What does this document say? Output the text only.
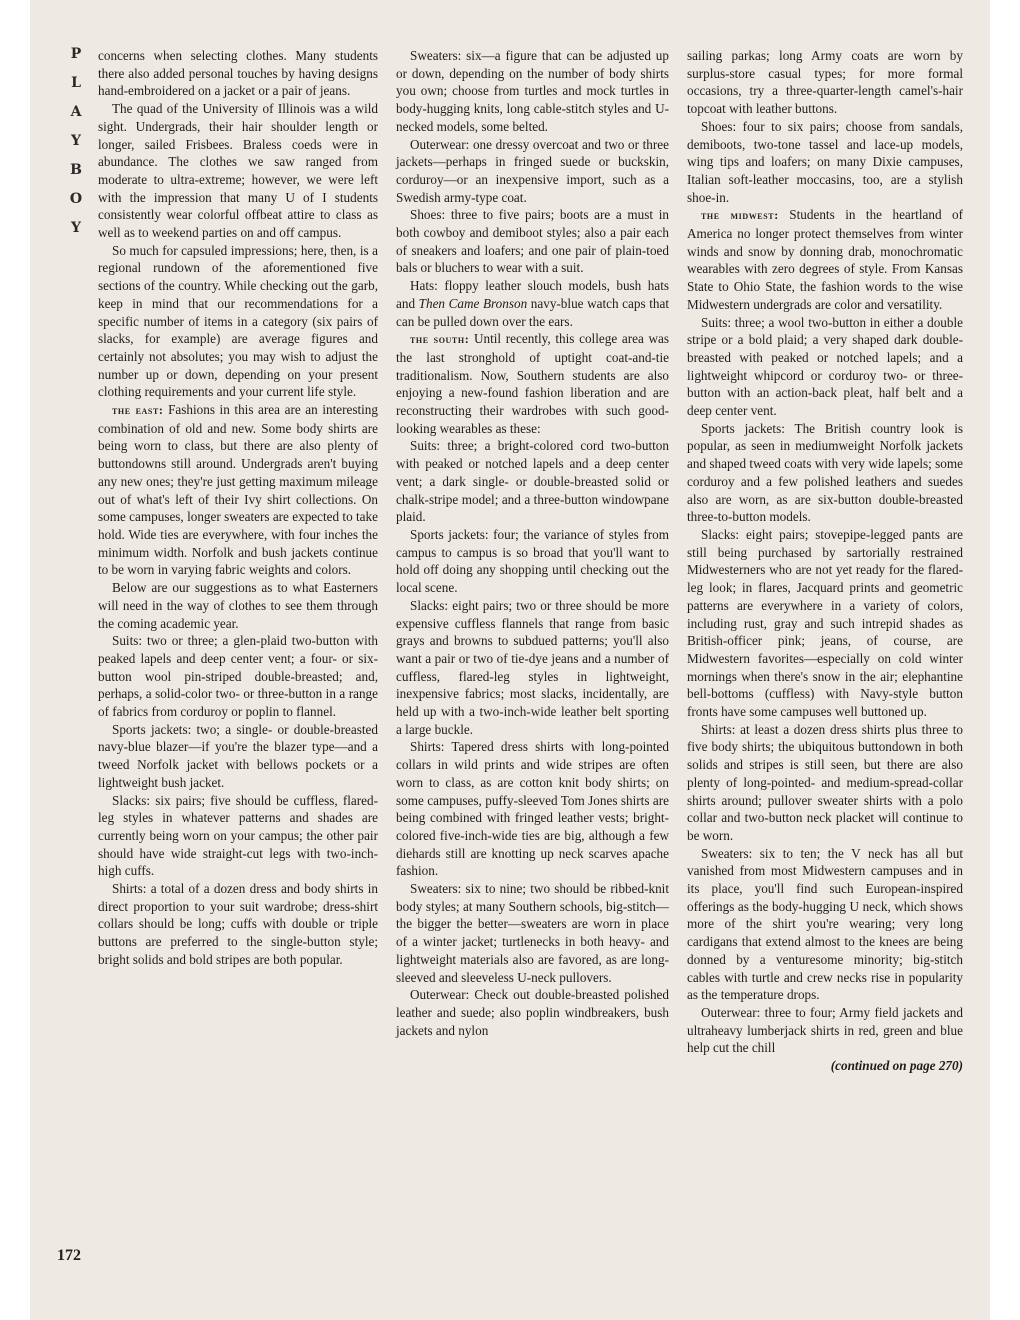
P
L
A
Y
B
O
Y
172

concerns when selecting clothes. Many students there also added personal touches by having designs hand-embroidered on a jacket or a pair of jeans.

The quad of the University of Illinois was a wild sight. Undergrads, their hair shoulder length or longer, sailed Frisbees. Braless coeds were in abundance. The clothes we saw ranged from moderate to ultra-extreme; however, we were left with the impression that many U of I students consistently wear colorful offbeat attire to class as well as to weekend parties on and off campus.

So much for capsuled impressions; here, then, is a regional rundown of the aforementioned five sections of the country. While checking out the garb, keep in mind that our recommendations for a specific number of items in a category (six pairs of slacks, for example) are average figures and certainly not absolutes; you may wish to adjust the number up or down, depending on your present clothing requirements and your current life style.

the east: Fashions in this area are an interesting combination of old and new. Some body shirts are being worn to class, but there are also plenty of buttondowns still around. Undergrads aren't buying any new ones; they're just getting maximum mileage out of what's left of their Ivy shirt collections. On some campuses, longer sweaters are expected to take hold. Wide ties are everywhere, with four inches the minimum width. Norfolk and bush jackets continue to be worn in varying fabric weights and colors.

Below are our suggestions as to what Easterners will need in the way of clothes to see them through the coming academic year.

Suits: two or three; a glen-plaid two-button with peaked lapels and deep center vent; a four- or six-button wool pin-striped double-breasted; and, perhaps, a solid-color two- or three-button in a range of fabrics from corduroy or poplin to flannel.

Sports jackets: two; a single- or double-breasted navy-blue blazer—if you're the blazer type—and a tweed Norfolk jacket with bellows pockets or a lightweight bush jacket.

Slacks: six pairs; five should be cuffless, flared-leg styles in whatever patterns and shades are currently being worn on your campus; the other pair should have wide straight-cut legs with two-inch-high cuffs.

Shirts: a total of a dozen dress and body shirts in direct proportion to your suit wardrobe; dress-shirt collars should be long; cuffs with double or triple buttons are preferred to the single-button style; bright solids and bold stripes are both popular.

Sweaters: six—a figure that can be adjusted up or down, depending on the number of body shirts you own; choose from turtles and mock turtles in body-hugging knits, long cable-stitch styles and U-necked models, some belted.

Outerwear: one dressy overcoat and two or three jackets—perhaps in fringed suede or buckskin, corduroy—or an inexpensive import, such as a Swedish army-type coat.

Shoes: three to five pairs; boots are a must in both cowboy and demiboot styles; also a pair each of sneakers and loafers; and one pair of plain-toed bals or bluchers to wear with a suit.

Hats: floppy leather slouch models, bush hats and Then Came Bronson navy-blue watch caps that can be pulled down over the ears.

the south: Until recently, this college area was the last stronghold of uptight coat-and-tie traditionalism. Now, Southern students are also enjoying a new-found fashion liberation and are reconstructing their wardrobes with such good-looking wearables as these:

Suits: three; a bright-colored cord two-button with peaked or notched lapels and a deep center vent; a dark single- or double-breasted solid or chalk-stripe model; and a three-button windowpane plaid.

Sports jackets: four; the variance of styles from campus to campus is so broad that you'll want to hold off doing any shopping until checking out the local scene.

Slacks: eight pairs; two or three should be more expensive cuffless flannels that range from basic grays and browns to subdued patterns; you'll also want a pair or two of tie-dye jeans and a number of cuffless, flared-leg styles in lightweight, inexpensive fabrics; most slacks, incidentally, are held up with a two-inch-wide leather belt sporting a large buckle.

Shirts: Tapered dress shirts with long-pointed collars in wild prints and wide stripes are often worn to class, as are cotton knit body shirts; on some campuses, puffy-sleeved Tom Jones shirts are being combined with fringed leather vests; bright-colored five-inch-wide ties are big, although a few diehards still are knotting up neck scarves apache fashion.

Sweaters: six to nine; two should be ribbed-knit body styles; at many Southern schools, big-stitch—the bigger the better—sweaters are worn in place of a winter jacket; turtlenecks in both heavy- and lightweight materials also are favored, as are long-sleeved and sleeveless U-neck pullovers.

Outerwear: Check out double-breasted polished leather and suede; also poplin windbreakers, bush jackets and nylon

sailing parkas; long Army coats are worn by surplus-store casual types; for more formal occasions, try a three-quarter-length camel's-hair topcoat with leather buttons.

Shoes: four to six pairs; choose from sandals, demiboots, two-tone tassel and lace-up models, wing tips and loafers; on many Dixie campuses, Italian soft-leather moccasins, too, are a stylish shoe-in.

the midwest: Students in the heartland of America no longer protect themselves from winter winds and snow by donning drab, monochromatic wearables with zero degrees of style. From Kansas State to Ohio State, the fashion words to the wise Midwestern undergrads are color and versatility.

Suits: three; a wool two-button in either a double stripe or a bold plaid; a very shaped dark double-breasted with peaked or notched lapels; and a lightweight whipcord or corduroy two- or three-button with an action-back pleat, half belt and a deep center vent.

Sports jackets: The British country look is popular, as seen in mediumweight Norfolk jackets and shaped tweed coats with very wide lapels; some corduroy and a few polished leathers and suedes also are worn, as are six-button double-breasted three-to-button models.

Slacks: eight pairs; stovepipe-legged pants are still being purchased by sartorially restrained Midwesterners who are not yet ready for the flared-leg look; in flares, Jacquard prints and geometric patterns are everywhere in a variety of colors, including rust, gray and such intrepid shades as British-officer pink; jeans, of course, are Midwestern favorites—especially on cold winter mornings when there's snow in the air; elephantine bell-bottoms (cuffless) with Navy-style button fronts have some campuses well buttoned up.

Shirts: at least a dozen dress shirts plus three to five body shirts; the ubiquitous buttondown in both solids and stripes is still seen, but there are also plenty of long-pointed- and medium-spread-collar shirts around; pullover sweater shirts with a polo collar and two-button neck placket will continue to be worn.

Sweaters: six to ten; the V neck has all but vanished from most Midwestern campuses and in its place, you'll find such European-inspired offerings as the body-hugging U neck, which shows more of the shirt you're wearing; very long cardigans that extend almost to the knees are being donned by a venturesome minority; big-stitch cables with turtle and crew necks rise in popularity as the temperature drops.

Outerwear: three to four; Army field jackets and ultraheavy lumberjack shirts in red, green and blue help cut the chill

(continued on page 270)
